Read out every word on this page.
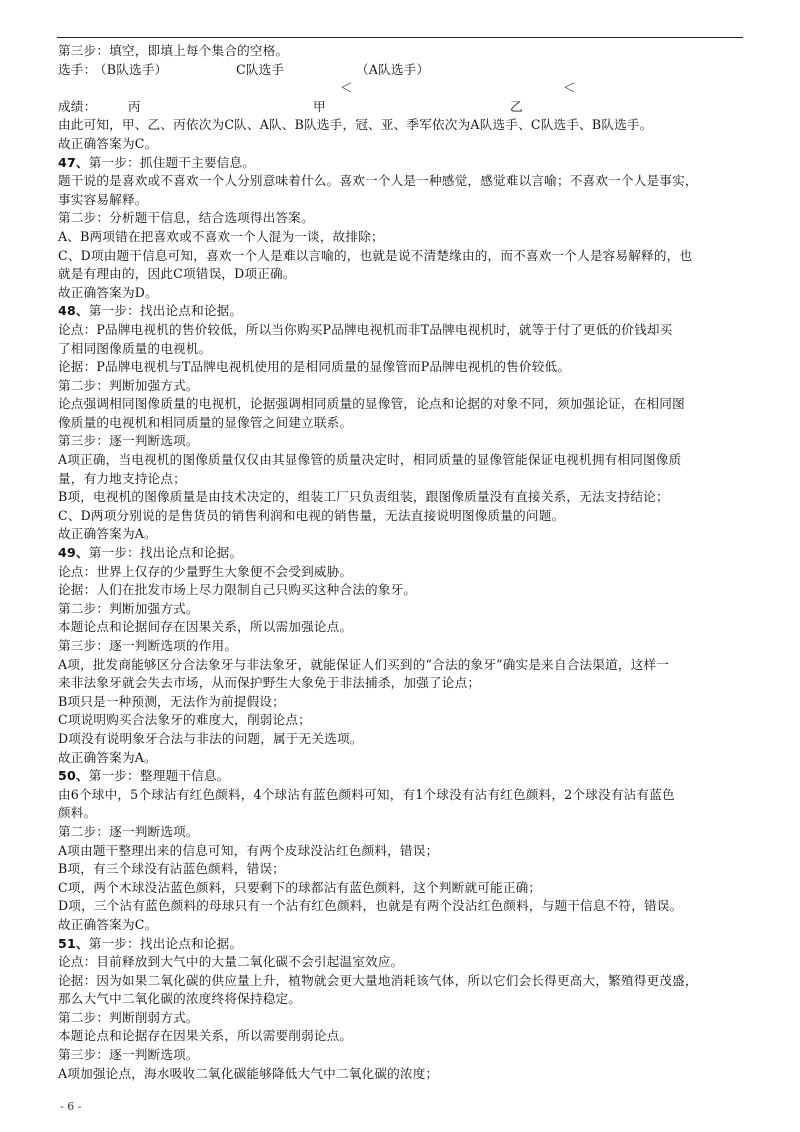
第三步：填空，即填上每个集合的空格。
选手：
（B队选手）	C队选手	（A队选手）
＜	＜
成绩：	丙	甲	乙
由此可知，甲、乙、丙依次为C队、A队、B队选手，冠、亚、季军依次为A队选手、C队选手、B队选手。
故正确答案为C。
47、第一步：抓住题干主要信息。
题干说的是喜欢或不喜欢一个人分别意味着什么。喜欢一个人是一种感觉，感觉难以言喻；不喜欢一个人是事实，
事实容易解释。
第二步：分析题干信息，结合选项得出答案。
A、B两项错在把喜欢或不喜欢一个人混为一谈，故排除；
C、D项由题干信息可知，喜欢一个人是难以言喻的，也就是说不清楚缘由的，而不喜欢一个人是容易解释的，也
就是有理由的，因此C项错误，D项正确。
故正确答案为D。
48、第一步：找出论点和论据。
论点：P品牌电视机的售价较低，所以当你购买P品牌电视机而非T品牌电视机时，就等于付了更低的价钱却买
了相同图像质量的电视机。
论据：P品牌电视机与T品牌电视机使用的是相同质量的显像管而P品牌电视机的售价较低。
第二步：判断加强方式。
论点强调相同图像质量的电视机，论据强调相同质量的显像管，论点和论据的对象不同，须加强论证，在相同图
像质量的电视机和相同质量的显像管之间建立联系。
第三步：逐一判断选项。
A项正确，当电视机的图像质量仅仅由其显像管的质量决定时，相同质量的显像管能保证电视机拥有相同图像质
量，有力地支持论点；
B项，电视机的图像质量是由技术决定的，组装工厂只负责组装，跟图像质量没有直接关系，无法支持结论；
C、D两项分别说的是售货员的销售利润和电视的销售量，无法直接说明图像质量的问题。
故正确答案为A。
49、第一步：找出论点和论据。
论点：世界上仅存的少量野生大象便不会受到威胁。
论据：人们在批发市场上尽力限制自己只购买这种合法的象牙。
第二步：判断加强方式。
本题论点和论据间存在因果关系，所以需加强论点。
第三步：逐一判断选项的作用。
A项，批发商能够区分合法象牙与非法象牙，就能保证人们买到的“合法的象牙”确实是来自合法渠道，这样一
来非法象牙就会失去市场，从而保护野生大象免于非法捕杀，加强了论点；
B项只是一种预测，无法作为前提假设；
C项说明购买合法象牙的难度大，削弱论点；
D项没有说明象牙合法与非法的问题，属于无关选项。
故正确答案为A。
50、第一步：整理题干信息。
由6个球中，5个球沾有红色颜料，4个球沾有蓝色颜料可知，有1个球没有沾有红色颜料，2个球没有沾有蓝色
颜料。
第二步：逐一判断选项。
A项由题干整理出来的信息可知，有两个皮球没沾红色颜料，错误；
B项，有三个球没有沾蓝色颜料，错误；
C项，两个木球没沾蓝色颜料，只要剩下的球都沾有蓝色颜料，这个判断就可能正确；
D项，三个沾有蓝色颜料的母球只有一个沾有红色颜料，也就是有两个没沾红色颜料，与题干信息不符，错误。
故正确答案为C。
51、第一步：找出论点和论据。
论点：目前释放到大气中的大量二氧化碳不会引起温室效应。
论据：因为如果二氧化碳的供应量上升，植物就会更大量地消耗该气体，所以它们会长得更高大，繁殖得更茂盛，
那么大气中二氧化碳的浓度终将保持稳定。
第二步：判断削弱方式。
本题论点和论据存在因果关系，所以需要削弱论点。
第三步：逐一判断选项。
A项加强论点，海水吸收二氧化碳能够降低大气中二氧化碳的浓度；
- 6 -
